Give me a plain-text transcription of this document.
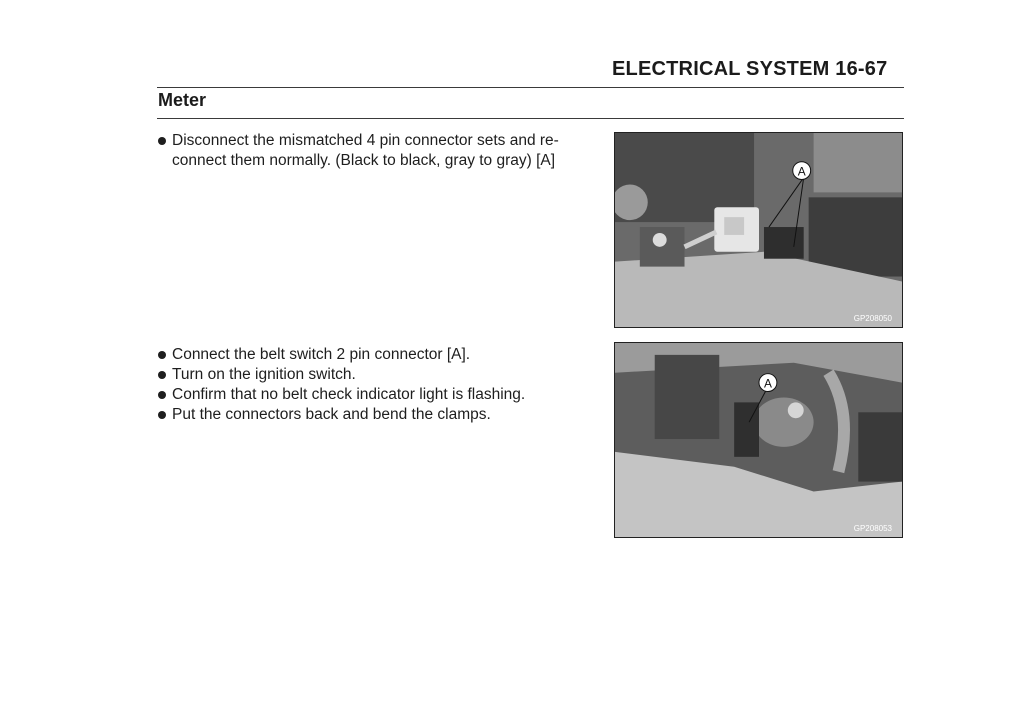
ELECTRICAL SYSTEM 16-67
Meter
Disconnect the mismatched 4 pin connector sets and re-
connect them normally. (Black to black, gray to gray) [A]
A
GP208050
Connect the belt switch 2 pin connector [A].
Turn on the ignition switch.
Confirm that no belt check indicator light is flashing.
Put the connectors back and bend the clamps.
A
GP208053
